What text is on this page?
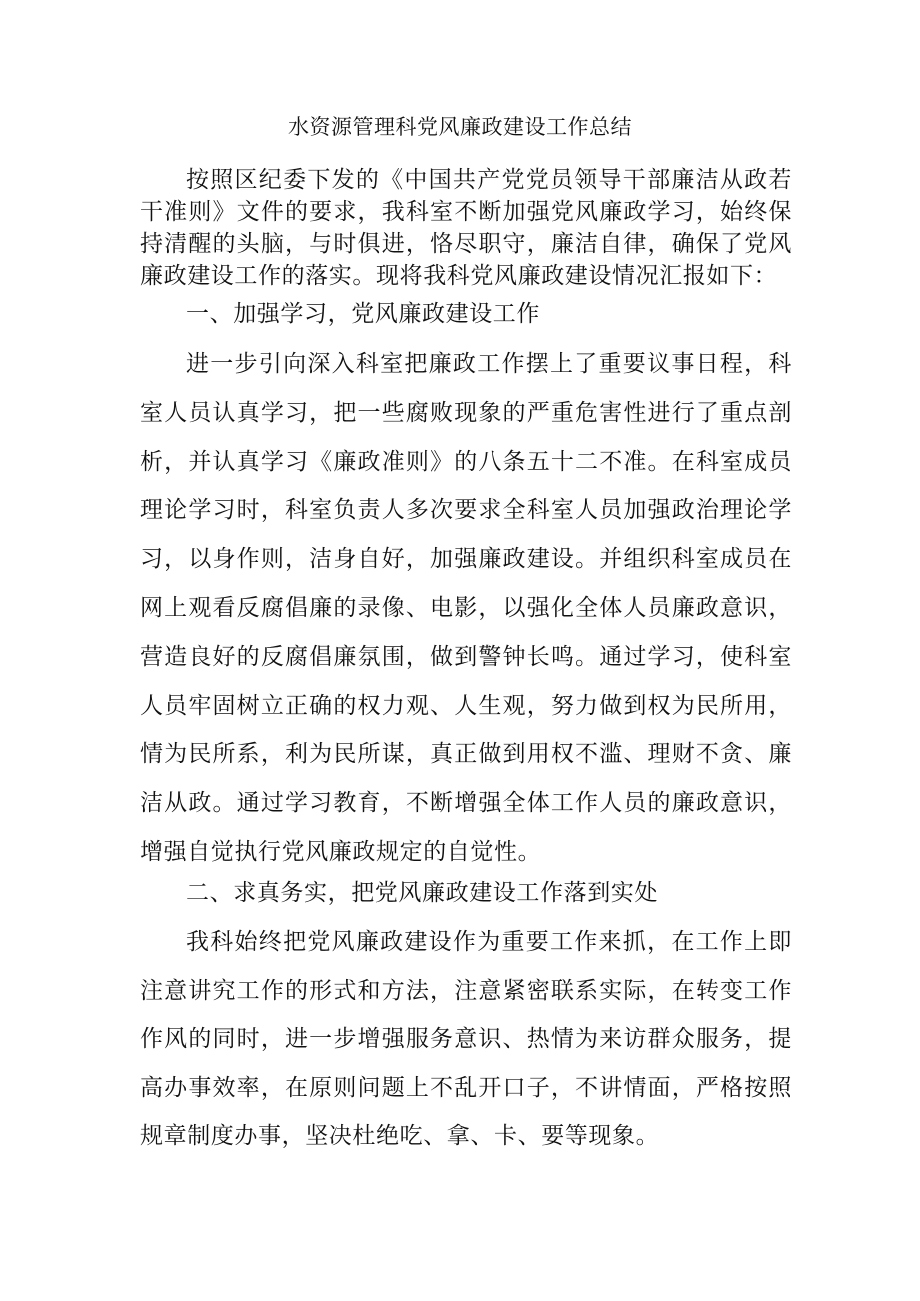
水资源管理科党风廉政建设工作总结

按照区纪委下发的《中国共产党党员领导干部廉洁从政若干准则》文件的要求，我科室不断加强党风廉政学习，始终保持清醒的头脑，与时俱进，恪尽职守，廉洁自律，确保了党风廉政建设工作的落实。现将我科党风廉政建设情况汇报如下：

一、加强学习，党风廉政建设工作

进一步引向深入科室把廉政工作摆上了重要议事日程，科室人员认真学习，把一些腐败现象的严重危害性进行了重点剖析，并认真学习《廉政准则》的八条五十二不准。在科室成员理论学习时，科室负责人多次要求全科室人员加强政治理论学习，以身作则，洁身自好，加强廉政建设。并组织科室成员在网上观看反腐倡廉的录像、电影，以强化全体人员廉政意识，营造良好的反腐倡廉氛围，做到警钟长鸣。通过学习，使科室人员牢固树立正确的权力观、人生观，努力做到权为民所用，情为民所系，利为民所谋，真正做到用权不滥、理财不贪、廉洁从政。通过学习教育，不断增强全体工作人员的廉政意识，增强自觉执行党风廉政规定的自觉性。

二、求真务实，把党风廉政建设工作落到实处

我科始终把党风廉政建设作为重要工作来抓，在工作上即注意讲究工作的形式和方法，注意紧密联系实际，在转变工作作风的同时，进一步增强服务意识、热情为来访群众服务，提高办事效率，在原则问题上不乱开口子，不讲情面，严格按照规章制度办事，坚决杜绝吃、拿、卡、要等现象。
